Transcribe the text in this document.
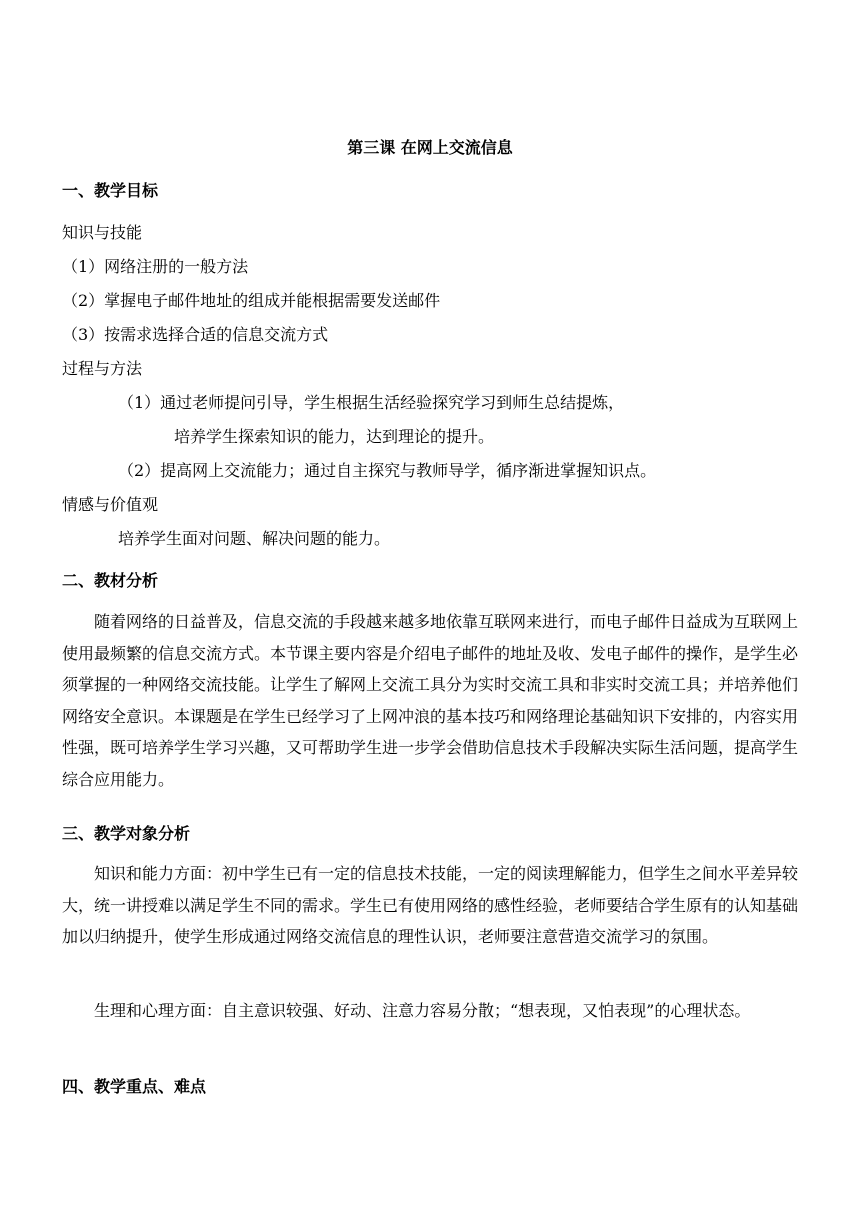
第三课 在网上交流信息
一、教学目标
知识与技能
（1）网络注册的一般方法
（2）掌握电子邮件地址的组成并能根据需要发送邮件
（3）按需求选择合适的信息交流方式
过程与方法
（1）通过老师提问引导，学生根据生活经验探究学习到师生总结提炼，
培养学生探索知识的能力，达到理论的提升。
（2）提高网上交流能力；通过自主探究与教师导学，循序渐进掌握知识点。
情感与价值观
培养学生面对问题、解决问题的能力。
二、教材分析

随着网络的日益普及，信息交流的手段越来越多地依靠互联网来进行，而电子邮件日益成为互联网上使用最频繁的信息交流方式。本节课主要内容是介绍电子邮件的地址及收、发电子邮件的操作，是学生必须掌握的一种网络交流技能。让学生了解网上交流工具分为实时交流工具和非实时交流工具；并培养他们网络安全意识。本课题是在学生已经学习了上网冲浪的基本技巧和网络理论基础知识下安排的，内容实用性强，既可培养学生学习兴趣，又可帮助学生进一步学会借助信息技术手段解决实际生活问题，提高学生综合应用能力。

三、教学对象分析

知识和能力方面：初中学生已有一定的信息技术技能，一定的阅读理解能力，但学生之间水平差异较大，统一讲授难以满足学生不同的需求。学生已有使用网络的感性经验，老师要结合学生原有的认知基础加以归纳提升，使学生形成通过网络交流信息的理性认识，老师要注意营造交流学习的氛围。

生理和心理方面：自主意识较强、好动、注意力容易分散；“想表现，又怕表现”的心理状态。

四、教学重点、难点
